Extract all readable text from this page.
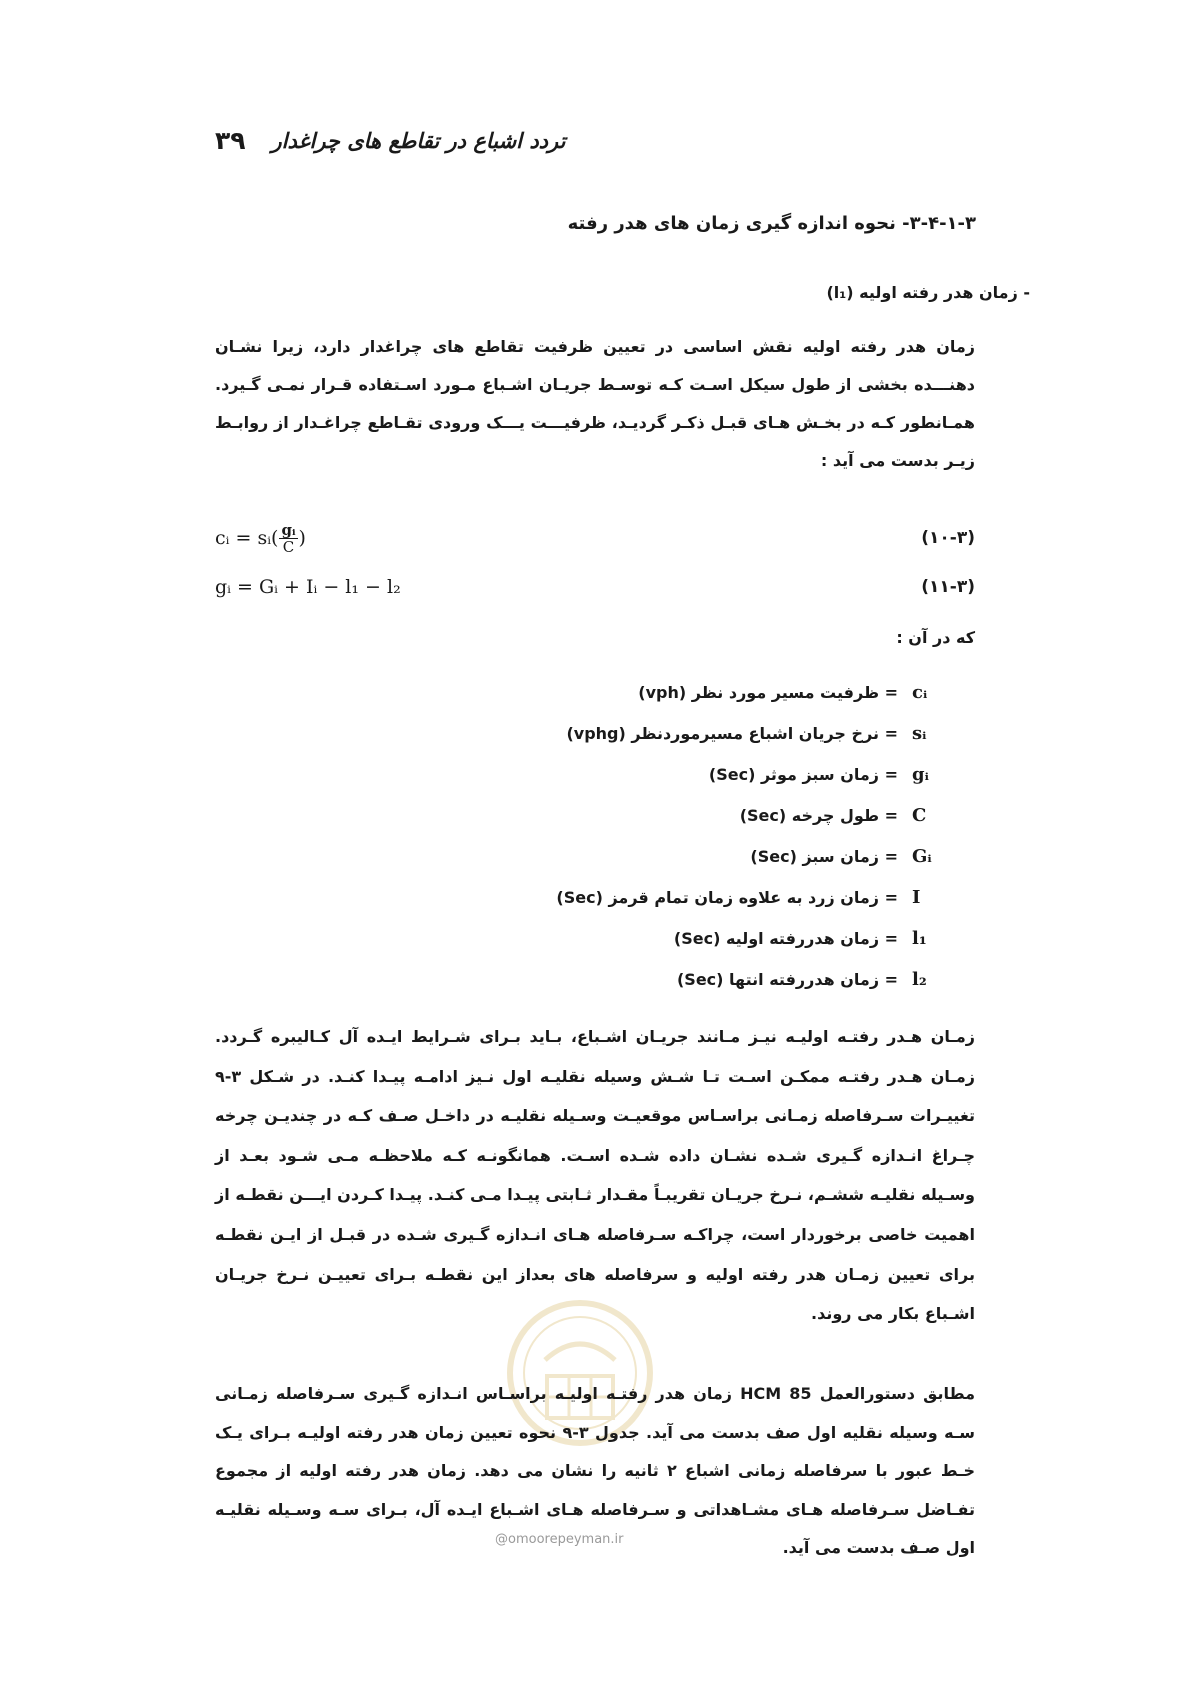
۳۹ تردد اشباع در تقاطع های چراغدار
۳-۴-۱-۳- نحوه اندازه گیری زمان های هدر رفته
- زمان هدر رفته اولیه (l₁)
زمان هدر رفته اولیه نقش اساسی در تعیین ظرفیت تقاطع های چراغدار دارد، زیرا نشـان دهنـــده بخشی از طول سیکل اسـت کـه توسـط جریـان اشـباع مـورد اسـتفاده قـرار نمـی گـیرد. همـانطور کـه در بخـش هـای قبـل ذکـر گردیـد، ظرفیـــت یـــک ورودی تقـاطع چراغـدار از روابـط زیـر بدست می آید :
cᵢ = sᵢ( $\frac{\text{gᵢ}}{C}$ )	(۱۰-۳)
gᵢ = Gᵢ + Iᵢ − l₁ − l₂	(۱۱-۳)
که در آن :
= ظرفیت مسیر مورد نظر (vph) cᵢ
= نرخ جریان اشباع مسیرموردنظر (vphg) sᵢ
= زمان سبز موثر (Sec) gᵢ
= طول چرخه (Sec) C
= زمان سبز (Sec) Gᵢ
= زمان زرد به علاوه زمان تمام قرمز (Sec) I
= زمان هدررفته اولیه (Sec) l₁
= زمان هدررفته انتها (Sec) l₂
زمـان هـدر رفتـه اولیـه نیـز مـانند جریـان اشـباع، بـاید بـرای شـرایط ایـده آل کـالیبره گـردد. زمـان هـدر رفتـه ممکـن اسـت تـا شـش وسیله نقلیـه اول نـیز ادامـه پیـدا کنـد. در شـکل ۳-۹ تغییـرات سـرفاصله زمـانی براسـاس موقعیـت وسـیله نقلیـه در داخـل صـف کـه در چندیـن چرخه چـراغ انـدازه گـیری شـده نشـان داده شـده اسـت. همانگونـه کـه ملاحظـه مـی شـود بعـد از وسـیله نقلیـه ششـم، نـرخ جریـان تقریبـاً مقـدار ثـابتی پیـدا مـی کنـد. پیـدا کـردن ایـــن نقطـه از اهمیت خاصی برخوردار است، چراکـه سـرفاصله هـای انـدازه گـیری شـده در قبـل از ایـن نقطـه برای تعیین زمـان هدر رفته اولیه و سرفاصله های بعداز این نقطـه بـرای تعییـن نـرخ جریـان اشـباع بکار می روند.
مطابق دستورالعمل HCM 85 زمان هدر رفتـه اولیـه براسـاس انـدازه گـیری سـرفاصله زمـانی سـه وسیله نقلیه اول صف بدست می آید. جدول ۳-۹ نحوه تعیین زمان هدر رفته اولیـه بـرای یـک خـط عبور با سرفاصله زمانی اشباع ۲ ثانیه را نشان می دهد. زمان هدر رفته اولیه از مجموع تفـاضل سـرفاصله هـای مشـاهداتی و سـرفاصله هـای اشـباع ایـده آل، بـرای سـه وسـیله نقلیـه اول صـف بدست می آید.
@omoorepeyman.ir
